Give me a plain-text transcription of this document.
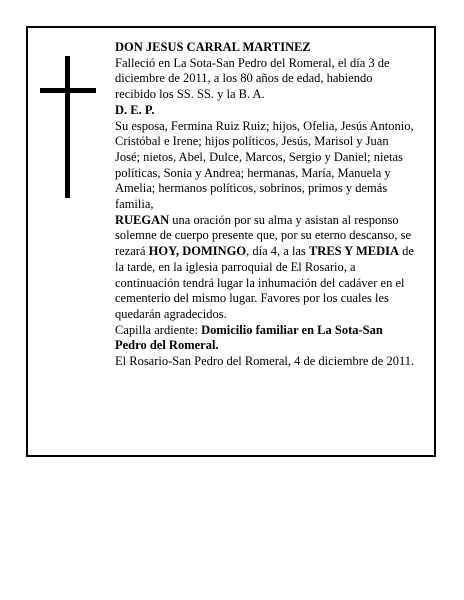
DON JESUS CARRAL MARTINEZ

Falleció en La Sota-San Pedro del Romeral, el día 3 de diciembre de 2011, a los 80 años de edad, habiendo recibido los SS. SS. y la B. A.

D. E. P.

Su esposa, Fermina Ruiz Ruiz; hijos, Ofelia, Jesús Antonio, Cristóbal e Irene; hijos políticos, Jesús, Marisol y Juan José; nietos, Abel, Dulce, Marcos, Sergio y Daniel; nietas políticas, Sonia y Andrea; hermanas, María, Manuela y Amelia; hermanos políticos, sobrinos, primos y demás familia,

RUEGAN una oración por su alma y asistan al responso solemne de cuerpo presente que, por su eterno descanso, se rezará HOY, DOMINGO, día 4, a las TRES Y MEDIA de la tarde, en la iglesia parroquial de El Rosario, a continuación tendrá lugar la inhumación del cadáver en el cementerio del mismo lugar. Favores por los cuales les quedarán agradecidos.

Capilla ardiente: Domicilio familiar en La Sota-San Pedro del Romeral.

El Rosario-San Pedro del Romeral, 4 de diciembre de 2011.
